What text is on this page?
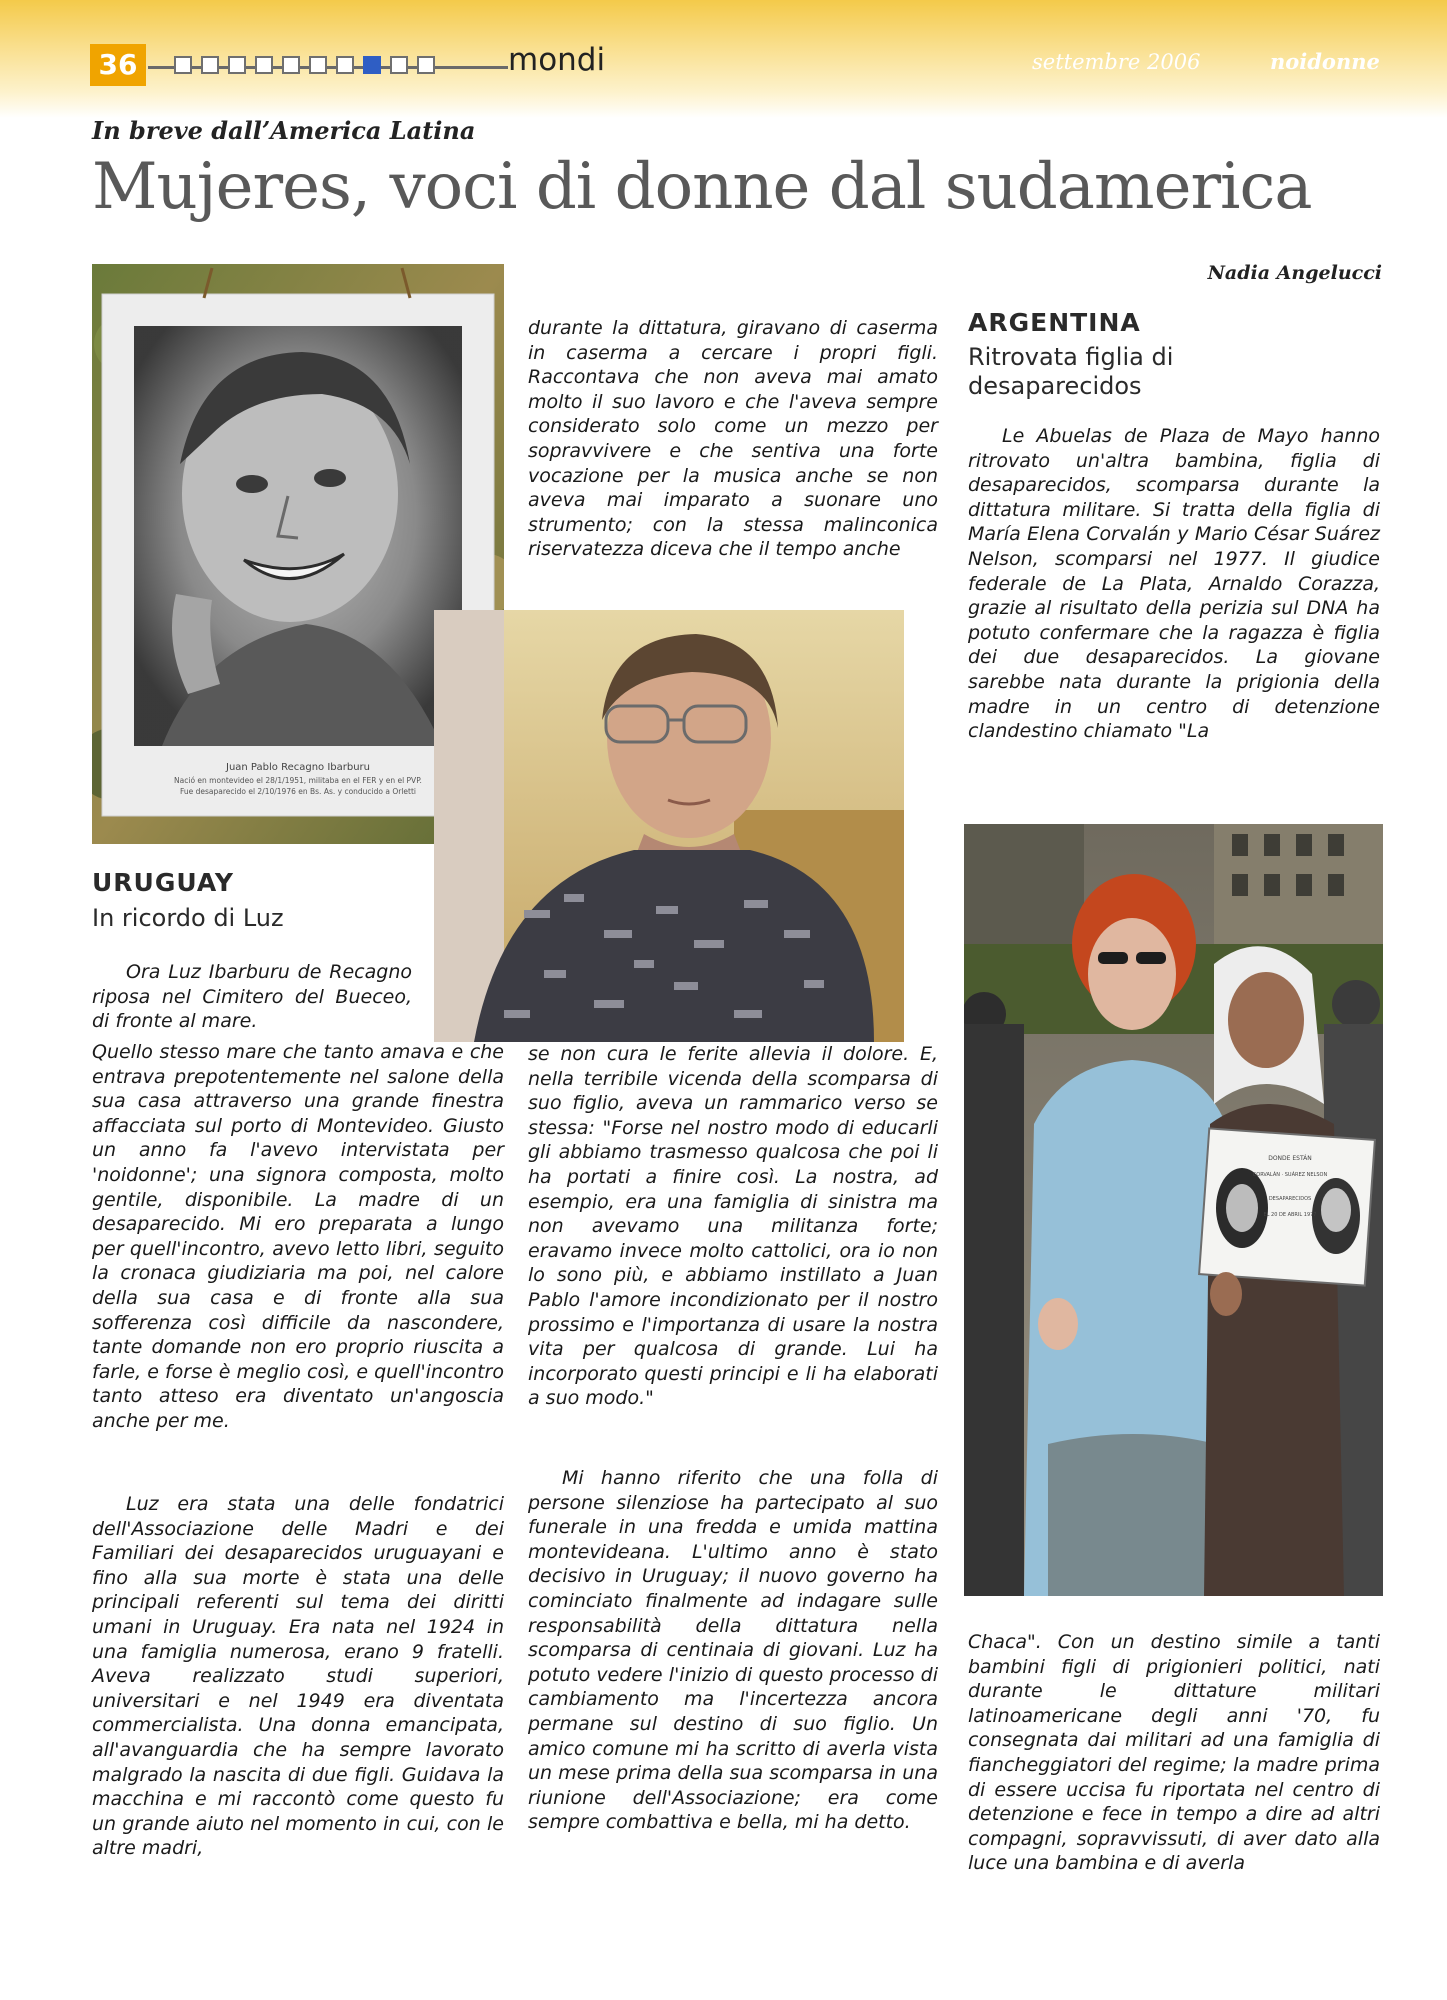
36	mondi	settembre 2006	noidonne
In breve dall’America Latina
Mujeres, voci di donne dal sudamerica
Nadia Angelucci
Juan Pablo Recagno Ibarburu
Nació en montevideo el 28/1/1951, militaba en el FER y en el PVP.
Fue desaparecido el 2/10/1976 en Bs. As. y conducido a Orletti
DONDE ESTÁN
CORVALÁN · SUÁREZ NELSON
DESAPARECIDOS
EL 20 DE ABRIL 1977
URUGUAY
In ricordo di Luz

Ora Luz Ibarburu de Recagno riposa nel Cimitero del Bueceo, di fronte al mare.

Quello stesso mare che tanto amava e che entrava prepotentemente nel salone della sua casa attraverso una grande finestra affacciata sul porto di Montevideo. Giusto un anno fa l'avevo intervistata per 'noidonne'; una signora composta, molto gentile, disponibile. La madre di un desaparecido. Mi ero preparata a lungo per quell'incontro, avevo letto libri, seguito la cronaca giudiziaria ma poi, nel calore della sua casa e di fronte alla sua sofferenza così difficile da nascondere, tante domande non ero proprio riuscita a farle, e forse è meglio così, e quell'incontro tanto atteso era diventato un'angoscia anche per me.

Luz era stata una delle fondatrici dell'Associazione delle Madri e dei Familiari dei desaparecidos uruguayani e fino alla sua morte è stata una delle principali referenti sul tema dei diritti umani in Uruguay. Era nata nel 1924 in una famiglia numerosa, erano 9 fratelli. Aveva realizzato studi superiori, universitari e nel 1949 era diventata commercialista. Una donna emancipata, all'avanguardia che ha sempre lavorato malgrado la nascita di due figli. Guidava la macchina e mi raccontò come questo fu un grande aiuto nel momento in cui, con le altre madri,

durante la dittatura, giravano di caserma in caserma a cercare i propri figli. Raccontava che non aveva mai amato molto il suo lavoro e che l'aveva sempre considerato solo come un mezzo per sopravvivere e che sentiva una forte vocazione per la musica anche se non aveva mai imparato a suonare uno strumento; con la stessa malinconica riservatezza diceva che il tempo anche

se non cura le ferite allevia il dolore. E, nella terribile vicenda della scomparsa di suo figlio, aveva un rammarico verso se stessa: "Forse nel nostro modo di educarli gli abbiamo trasmesso qualcosa che poi li ha portati a finire così. La nostra, ad esempio, era una famiglia di sinistra ma non avevamo una militanza forte; eravamo invece molto cattolici, ora io non lo sono più, e abbiamo instillato a Juan Pablo l'amore incondizionato per il nostro prossimo e l'importanza di usare la nostra vita per qualcosa di grande. Lui ha incorporato questi principi e li ha elaborati a suo modo."

Mi hanno riferito che una folla di persone silenziose ha partecipato al suo funerale in una fredda e umida mattina montevideana. L'ultimo anno è stato decisivo in Uruguay; il nuovo governo ha cominciato finalmente ad indagare sulle responsabilità della dittatura nella scomparsa di centinaia di giovani. Luz ha potuto vedere l'inizio di questo processo di cambiamento ma l'incertezza ancora permane sul destino di suo figlio. Un amico comune mi ha scritto di averla vista un mese prima della sua scomparsa in una riunione dell'Associazione; era come sempre combattiva e bella, mi ha detto.

ARGENTINA
Ritrovata figlia di desaparecidos

Le Abuelas de Plaza de Mayo hanno ritrovato un'altra bambina, figlia di desaparecidos, scomparsa durante la dittatura militare. Si tratta della figlia di María Elena Corvalán y Mario César Suárez Nelson, scomparsi nel 1977. Il giudice federale de La Plata, Arnaldo Corazza, grazie al risultato della perizia sul DNA ha potuto confermare che la ragazza è figlia dei due desaparecidos. La giovane sarebbe nata durante la prigionia della madre in un centro di detenzione clandestino chiamato "La

Chaca". Con un destino simile a tanti bambini figli di prigionieri politici, nati durante le dittature militari latinoamericane degli anni '70, fu consegnata dai militari ad una famiglia di fiancheggiatori del regime; la madre prima di essere uccisa fu riportata nel centro di detenzione e fece in tempo a dire ad altri compagni, sopravvissuti, di aver dato alla luce una bambina e di averla
